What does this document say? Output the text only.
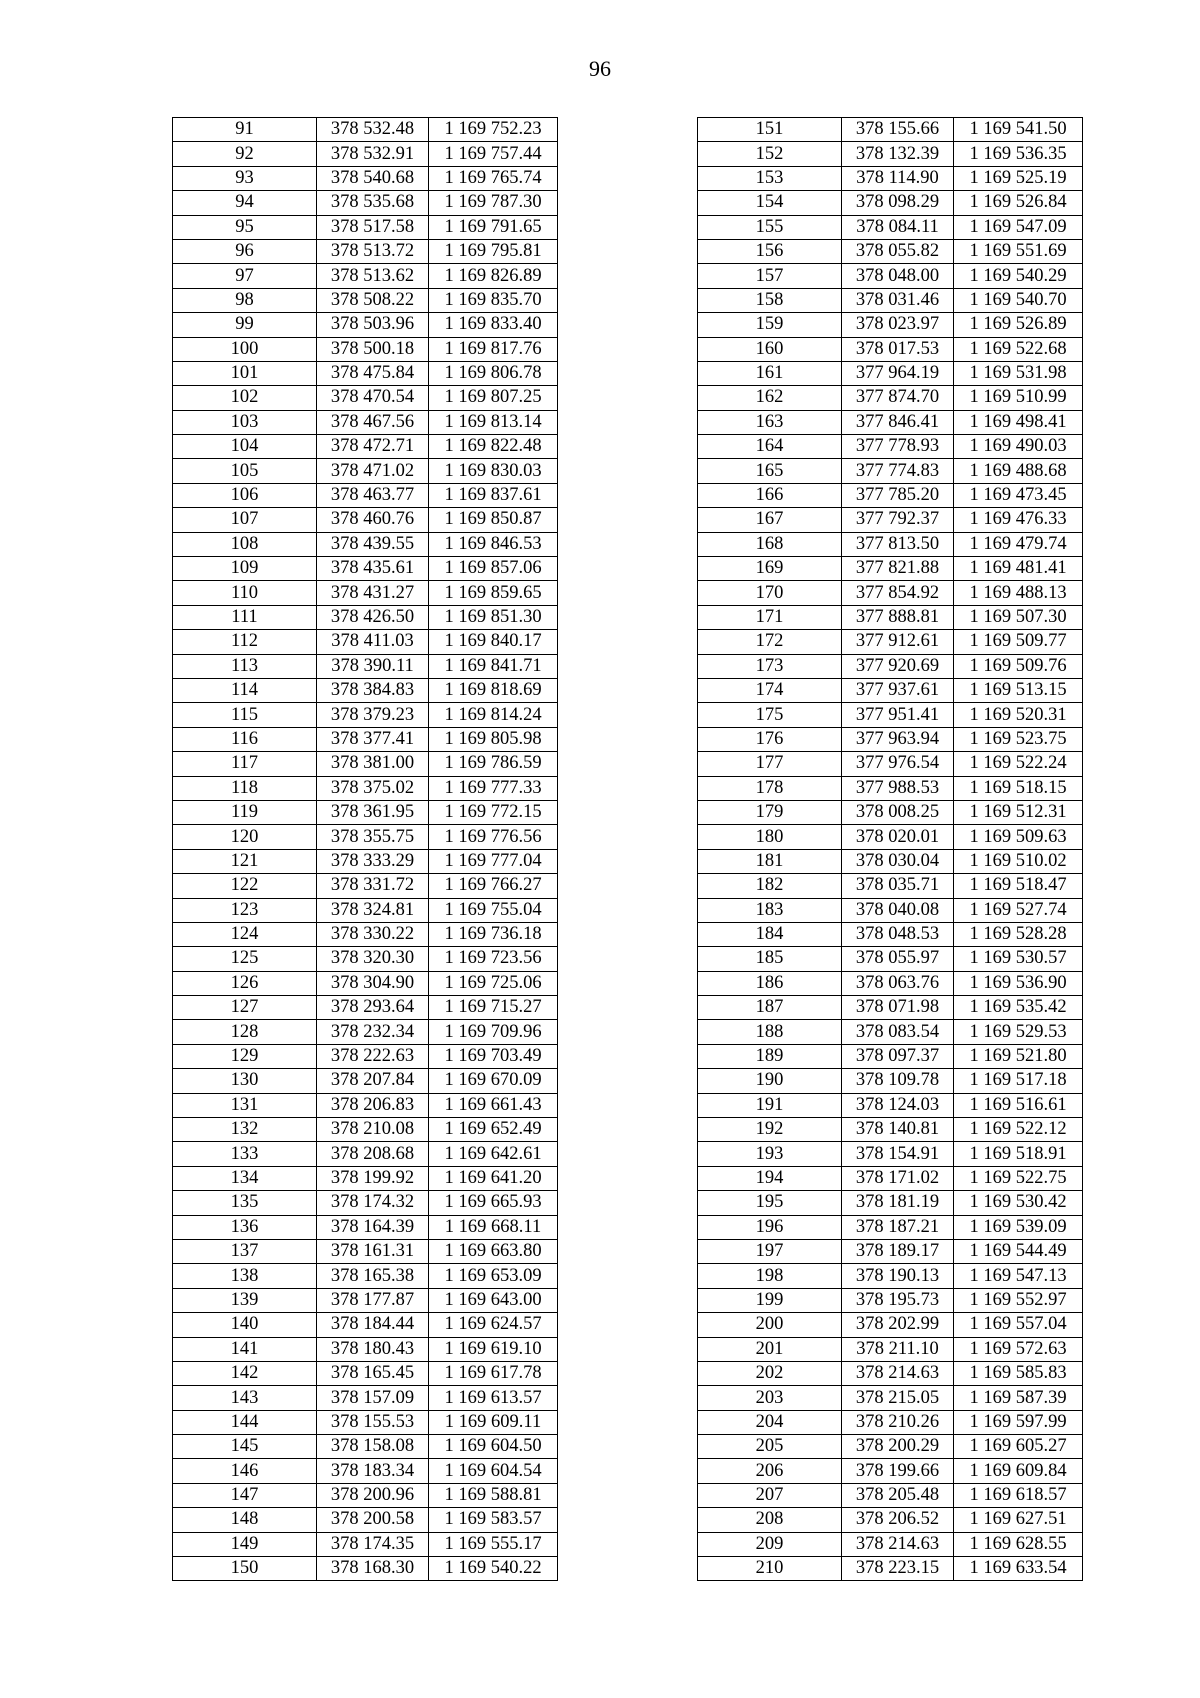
96
91	378 532.48	1 169 752.23
92	378 532.91	1 169 757.44
93	378 540.68	1 169 765.74
94	378 535.68	1 169 787.30
95	378 517.58	1 169 791.65
96	378 513.72	1 169 795.81
97	378 513.62	1 169 826.89
98	378 508.22	1 169 835.70
99	378 503.96	1 169 833.40
100	378 500.18	1 169 817.76
101	378 475.84	1 169 806.78
102	378 470.54	1 169 807.25
103	378 467.56	1 169 813.14
104	378 472.71	1 169 822.48
105	378 471.02	1 169 830.03
106	378 463.77	1 169 837.61
107	378 460.76	1 169 850.87
108	378 439.55	1 169 846.53
109	378 435.61	1 169 857.06
110	378 431.27	1 169 859.65
111	378 426.50	1 169 851.30
112	378 411.03	1 169 840.17
113	378 390.11	1 169 841.71
114	378 384.83	1 169 818.69
115	378 379.23	1 169 814.24
116	378 377.41	1 169 805.98
117	378 381.00	1 169 786.59
118	378 375.02	1 169 777.33
119	378 361.95	1 169 772.15
120	378 355.75	1 169 776.56
121	378 333.29	1 169 777.04
122	378 331.72	1 169 766.27
123	378 324.81	1 169 755.04
124	378 330.22	1 169 736.18
125	378 320.30	1 169 723.56
126	378 304.90	1 169 725.06
127	378 293.64	1 169 715.27
128	378 232.34	1 169 709.96
129	378 222.63	1 169 703.49
130	378 207.84	1 169 670.09
131	378 206.83	1 169 661.43
132	378 210.08	1 169 652.49
133	378 208.68	1 169 642.61
134	378 199.92	1 169 641.20
135	378 174.32	1 169 665.93
136	378 164.39	1 169 668.11
137	378 161.31	1 169 663.80
138	378 165.38	1 169 653.09
139	378 177.87	1 169 643.00
140	378 184.44	1 169 624.57
141	378 180.43	1 169 619.10
142	378 165.45	1 169 617.78
143	378 157.09	1 169 613.57
144	378 155.53	1 169 609.11
145	378 158.08	1 169 604.50
146	378 183.34	1 169 604.54
147	378 200.96	1 169 588.81
148	378 200.58	1 169 583.57
149	378 174.35	1 169 555.17
150	378 168.30	1 169 540.22
151	378 155.66	1 169 541.50
152	378 132.39	1 169 536.35
153	378 114.90	1 169 525.19
154	378 098.29	1 169 526.84
155	378 084.11	1 169 547.09
156	378 055.82	1 169 551.69
157	378 048.00	1 169 540.29
158	378 031.46	1 169 540.70
159	378 023.97	1 169 526.89
160	378 017.53	1 169 522.68
161	377 964.19	1 169 531.98
162	377 874.70	1 169 510.99
163	377 846.41	1 169 498.41
164	377 778.93	1 169 490.03
165	377 774.83	1 169 488.68
166	377 785.20	1 169 473.45
167	377 792.37	1 169 476.33
168	377 813.50	1 169 479.74
169	377 821.88	1 169 481.41
170	377 854.92	1 169 488.13
171	377 888.81	1 169 507.30
172	377 912.61	1 169 509.77
173	377 920.69	1 169 509.76
174	377 937.61	1 169 513.15
175	377 951.41	1 169 520.31
176	377 963.94	1 169 523.75
177	377 976.54	1 169 522.24
178	377 988.53	1 169 518.15
179	378 008.25	1 169 512.31
180	378 020.01	1 169 509.63
181	378 030.04	1 169 510.02
182	378 035.71	1 169 518.47
183	378 040.08	1 169 527.74
184	378 048.53	1 169 528.28
185	378 055.97	1 169 530.57
186	378 063.76	1 169 536.90
187	378 071.98	1 169 535.42
188	378 083.54	1 169 529.53
189	378 097.37	1 169 521.80
190	378 109.78	1 169 517.18
191	378 124.03	1 169 516.61
192	378 140.81	1 169 522.12
193	378 154.91	1 169 518.91
194	378 171.02	1 169 522.75
195	378 181.19	1 169 530.42
196	378 187.21	1 169 539.09
197	378 189.17	1 169 544.49
198	378 190.13	1 169 547.13
199	378 195.73	1 169 552.97
200	378 202.99	1 169 557.04
201	378 211.10	1 169 572.63
202	378 214.63	1 169 585.83
203	378 215.05	1 169 587.39
204	378 210.26	1 169 597.99
205	378 200.29	1 169 605.27
206	378 199.66	1 169 609.84
207	378 205.48	1 169 618.57
208	378 206.52	1 169 627.51
209	378 214.63	1 169 628.55
210	378 223.15	1 169 633.54
